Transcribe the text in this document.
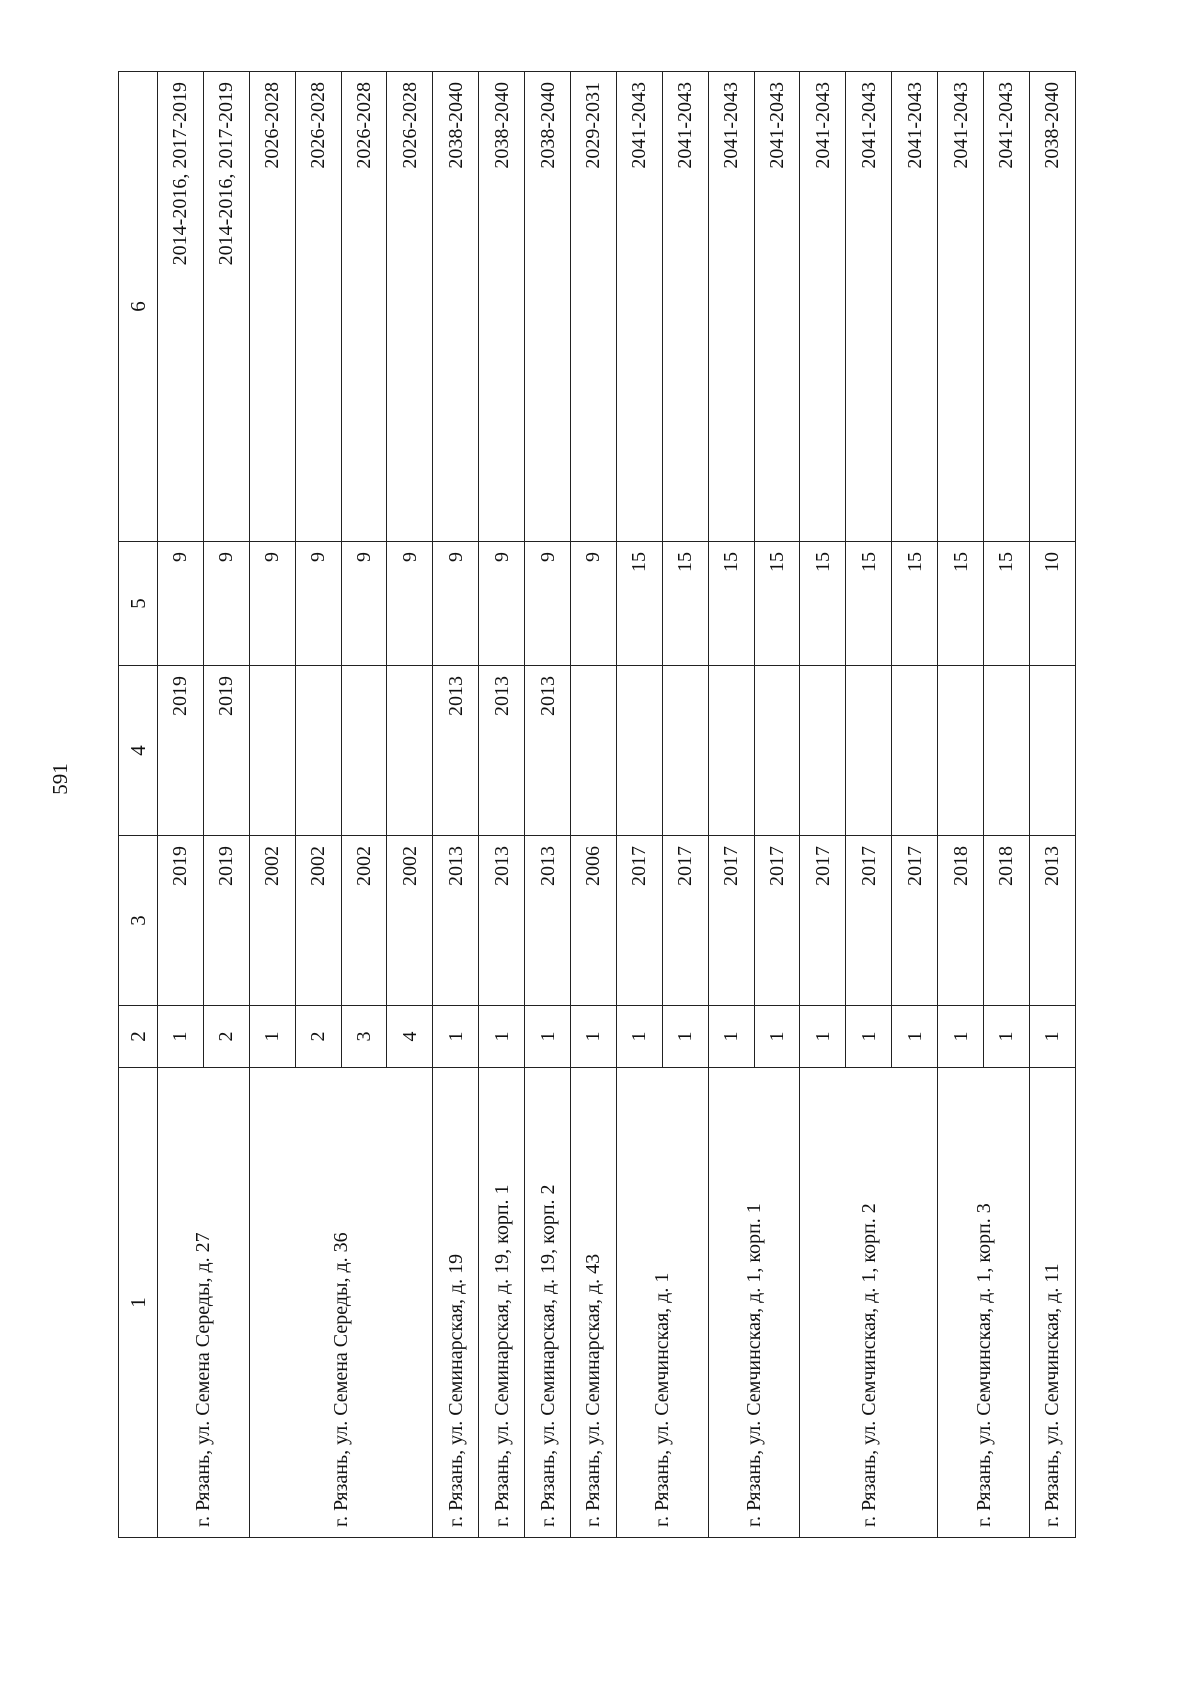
591
1	2	3	4	5	6
г. Рязань, ул. Семена Середы, д. 27	1	2019	2019	9	2014-2016, 2017-2019
	2	2019	2019	9	2014-2016, 2017-2019
г. Рязань, ул. Семена Середы, д. 36	1	2002		9	2026-2028
	2	2002		9	2026-2028
	3	2002		9	2026-2028
	4	2002		9	2026-2028
г. Рязань, ул. Семинарская, д. 19	1	2013	2013	9	2038-2040
г. Рязань, ул. Семинарская, д. 19, корп. 1	1	2013	2013	9	2038-2040
г. Рязань, ул. Семинарская, д. 19, корп. 2	1	2013	2013	9	2038-2040
г. Рязань, ул. Семинарская, д. 43	1	2006		9	2029-2031
г. Рязань, ул. Семчинская, д. 1	1	2017		15	2041-2043
	1	2017		15	2041-2043
г. Рязань, ул. Семчинская, д. 1, корп. 1	1	2017		15	2041-2043
	1	2017		15	2041-2043
г. Рязань, ул. Семчинская, д. 1, корп. 2	1	2017		15	2041-2043
	1	2017		15	2041-2043
	1	2017		15	2041-2043
г. Рязань, ул. Семчинская, д. 1, корп. 3	1	2018		15	2041-2043
	1	2018		15	2041-2043
г. Рязань, ул. Семчинская, д. 11	1	2013		10	2038-2040
